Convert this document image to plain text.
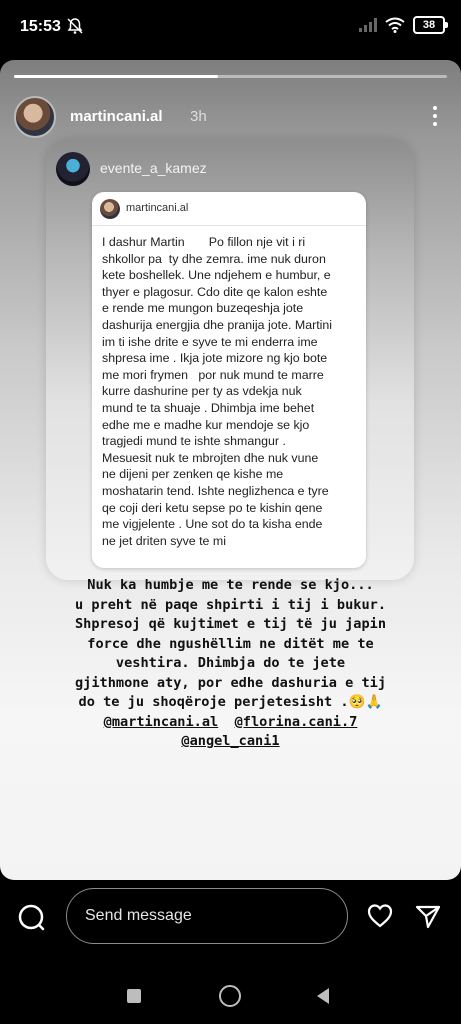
15:53	38
martincani.al 3h
evente_a_kamez
martincani.al
I dashur Martin       Po fillon nje vit i ri
shkollor pa  ty dhe zemra. ime nuk duron
kete boshellek. Une ndjehem e humbur, e
thyer e plagosur. Cdo dite qe kalon eshte
e rende me mungon buzeqeshja jote
dashurija energjia dhe pranija jote. Martini
im ti ishe drite e syve te mi enderra ime
shpresa ime . Ikja jote mizore ng kjo bote
me mori frymen   por nuk mund te marre
kurre dashurine per ty as vdekja nuk
mund te ta shuaje . Dhimbja ime behet
edhe me e madhe kur mendoje se kjo
tragjedi mund te ishte shmangur .
Mesuesit nuk te mbrojten dhe nuk vune
ne dijeni per zenken qe kishe me
moshatarin tend. Ishte neglizhenca e tyre
qe coji deri ketu sepse po te kishin qene
me vigjelente . Une sot do ta kisha ende
ne jet driten syve te mi
Nuk ka humbje me te rende se kjo...
u preht në paqe shpirti i tij i bukur.
Shpresoj që kujtimet e tij të ju japin
force dhe ngushëllim ne ditët me te
veshtira. Dhimbja do te jete
gjithmone aty, por edhe dashuria e tij
do te ju shoqëroje perjetesisht .🥺🙏
@martincani.al @florina.cani.7
@angel_cani1
Send message
